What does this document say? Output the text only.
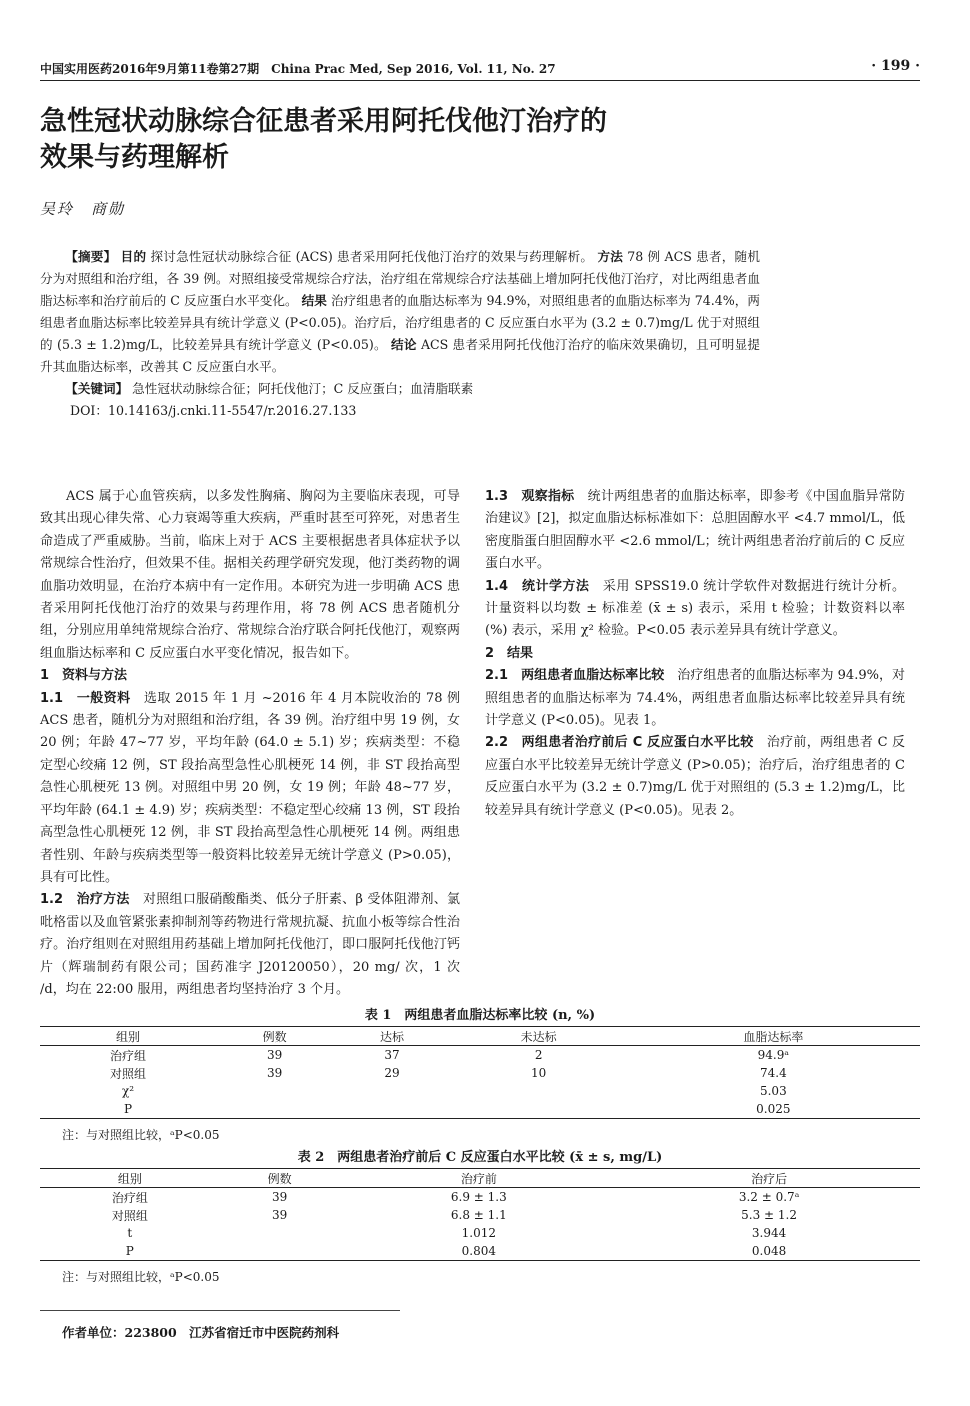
中国实用医药2016年9月第11卷第27期　China Prac Med, Sep 2016, Vol. 11, No. 27	· 199 ·
急性冠状动脉综合征患者采用阿托伐他汀治疗的
效果与药理解析
吴玲　商勋

【摘要】 目的 探讨急性冠状动脉综合征 (ACS) 患者采用阿托伐他汀治疗的效果与药理解析。 方法 78 例 ACS 患者，随机分为对照组和治疗组，各 39 例。对照组接受常规综合疗法，治疗组在常规综合疗法基础上增加阿托伐他汀治疗，对比两组患者血脂达标率和治疗前后的 C 反应蛋白水平变化。 结果 治疗组患者的血脂达标率为 94.9%，对照组患者的血脂达标率为 74.4%，两组患者血脂达标率比较差异具有统计学意义 (P<0.05)。治疗后，治疗组患者的 C 反应蛋白水平为 (3.2 ± 0.7)mg/L 优于对照组的 (5.3 ± 1.2)mg/L，比较差异具有统计学意义 (P<0.05)。 结论 ACS 患者采用阿托伐他汀治疗的临床效果确切，且可明显提升其血脂达标率，改善其 C 反应蛋白水平。

【关键词】 急性冠状动脉综合征；阿托伐他汀；C 反应蛋白；血清脂联素

DOI：10.14163/j.cnki.11-5547/r.2016.27.133

ACS 属于心血管疾病，以多发性胸痛、胸闷为主要临床表现，可导致其出现心律失常、心力衰竭等重大疾病，严重时甚至可猝死，对患者生命造成了严重威胁。当前，临床上对于 ACS 主要根据患者具体症状予以常规综合性治疗，但效果不佳。据相关药理学研究发现，他汀类药物的调血脂功效明显，在治疗本病中有一定作用。本研究为进一步明确 ACS 患者采用阿托伐他汀治疗的效果与药理作用，将 78 例 ACS 患者随机分组，分别应用单纯常规综合治疗、常规综合治疗联合阿托伐他汀，观察两组血脂达标率和 C 反应蛋白水平变化情况，报告如下。

1　资料与方法

1.1　一般资料　 选取 2015 年 1 月 ~2016 年 4 月本院收治的 78 例 ACS 患者，随机分为对照组和治疗组，各 39 例。治疗组中男 19 例，女 20 例；年龄 47~77 岁，平均年龄 (64.0 ± 5.1) 岁；疾病类型：不稳定型心绞痛 12 例，ST 段抬高型急性心肌梗死 14 例，非 ST 段抬高型急性心肌梗死 13 例。对照组中男 20 例，女 19 例；年龄 48~77 岁，平均年龄 (64.1 ± 4.9) 岁；疾病类型：不稳定型心绞痛 13 例，ST 段抬高型急性心肌梗死 12 例，非 ST 段抬高型急性心肌梗死 14 例。两组患者性别、年龄与疾病类型等一般资料比较差异无统计学意义 (P>0.05)，具有可比性。

1.2　治疗方法　 对照组口服硝酸酯类、低分子肝素、β 受体阻滞剂、氯吡格雷以及血管紧张素抑制剂等药物进行常规抗凝、抗血小板等综合性治疗。治疗组则在对照组用药基础上增加阿托伐他汀，即口服阿托伐他汀钙片（辉瑞制药有限公司；国药准字 J20120050），20 mg/ 次，1 次 /d，均在 22:00 服用，两组患者均坚持治疗 3 个月。

1.3　观察指标　 统计两组患者的血脂达标率，即参考《中国血脂异常防治建议》[2]，拟定血脂达标标准如下：总胆固醇水平 <4.7 mmol/L，低密度脂蛋白胆固醇水平 <2.6 mmol/L；统计两组患者治疗前后的 C 反应蛋白水平。

1.4　统计学方法　 采用 SPSS19.0 统计学软件对数据进行统计分析。计量资料以均数 ± 标准差 (x̄ ± s) 表示，采用 t 检验；计数资料以率 (%) 表示，采用 χ² 检验。P<0.05 表示差异具有统计学意义。

2　结果

2.1　两组患者血脂达标率比较　 治疗组患者的血脂达标率为 94.9%，对照组患者的血脂达标率为 74.4%，两组患者血脂达标率比较差异具有统计学意义 (P<0.05)。见表 1。

2.2　两组患者治疗前后 C 反应蛋白水平比较　 治疗前，两组患者 C 反应蛋白水平比较差异无统计学意义 (P>0.05)；治疗后，治疗组患者的 C 反应蛋白水平为 (3.2 ± 0.7)mg/L 优于对照组的 (5.3 ± 1.2)mg/L，比较差异具有统计学意义 (P<0.05)。见表 2。

表 1　两组患者血脂达标率比较 (n, %)
组别	例数	达标	未达标	血脂达标率
治疗组	39	37	2	94.9ᵃ
对照组	39	29	10	74.4
χ²				5.03
P				0.025
注：与对照组比较，ᵃP<0.05
表 2　两组患者治疗前后 C 反应蛋白水平比较 (x̄ ± s, mg/L)
组别	例数	治疗前	治疗后
治疗组	39	6.9 ± 1.3	3.2 ± 0.7ᵃ
对照组	39	6.8 ± 1.1	5.3 ± 1.2
t		1.012	3.944
P		0.804	0.048
注：与对照组比较，ᵃP<0.05
作者单位：223800　江苏省宿迁市中医院药剂科
